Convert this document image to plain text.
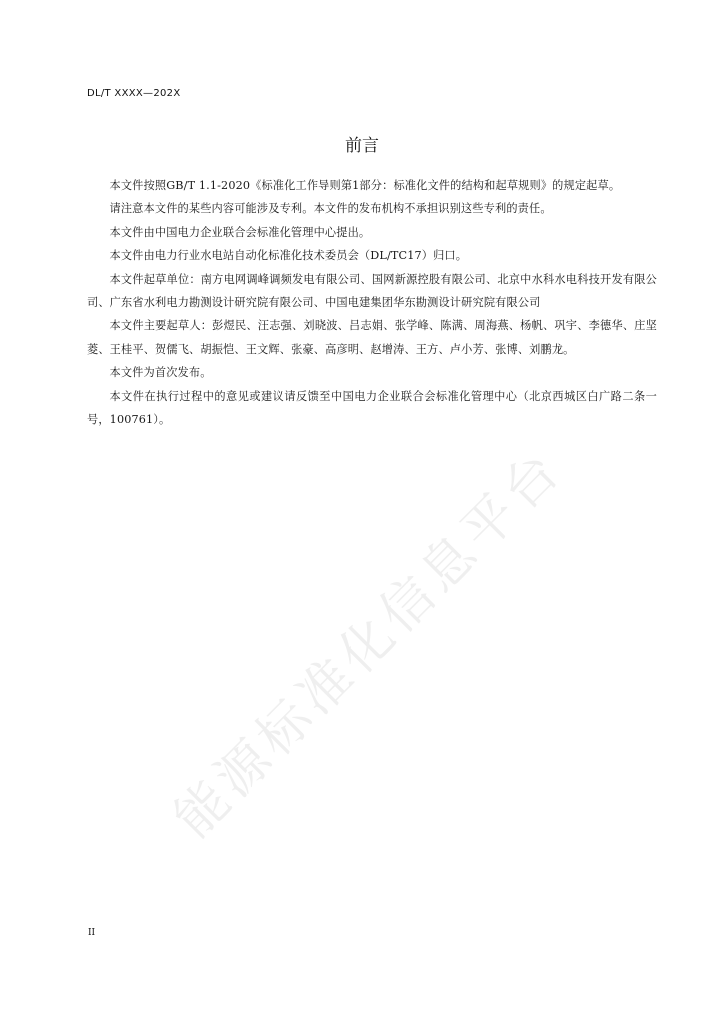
DL/T XXXX—202X
前言

本文件按照GB/T 1.1-2020《标准化工作导则第1部分：标准化文件的结构和起草规则》的规定起草。

请注意本文件的某些内容可能涉及专利。本文件的发布机构不承担识别这些专利的责任。

本文件由中国电力企业联合会标准化管理中心提出。

本文件由电力行业水电站自动化标准化技术委员会（DL/TC17）归口。

本文件起草单位：南方电网调峰调频发电有限公司、国网新源控股有限公司、北京中水科水电科技开发有限公司、广东省水利电力勘测设计研究院有限公司、中国电建集团华东勘测设计研究院有限公司

本文件主要起草人：彭煜民、汪志强、刘晓波、吕志娟、张学峰、陈满、周海燕、杨帆、巩宇、李德华、庄坚菱、王桂平、贺儒飞、胡振恺、王文辉、张豪、高彦明、赵增涛、王方、卢小芳、张博、刘鹏龙。

本文件为首次发布。

本文件在执行过程中的意见或建议请反馈至中国电力企业联合会标准化管理中心（北京西城区白广路二条一号，100761）。

能源标准化信息平台
II
